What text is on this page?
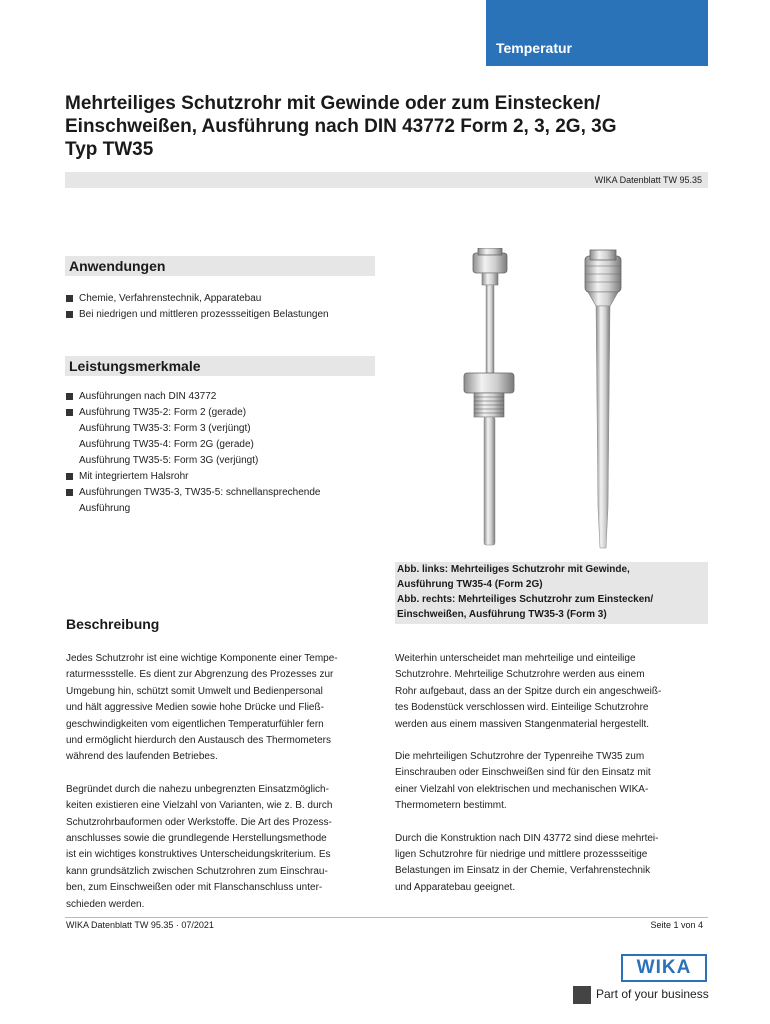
Temperatur
Mehrteiliges Schutzrohr mit Gewinde oder zum Einstecken/
Einschweißen, Ausführung nach DIN 43772 Form 2, 3, 2G, 3G
Typ TW35
WIKA Datenblatt TW 95.35
Anwendungen
Chemie, Verfahrenstechnik, Apparatebau
Bei niedrigen und mittleren prozessseitigen Belastungen
Leistungsmerkmale
Ausführungen nach DIN 43772
Ausführung TW35-2: Form 2 (gerade)
Ausführung TW35-3: Form 3 (verjüngt)
Ausführung TW35-4: Form 2G (gerade)
Ausführung TW35-5: Form 3G (verjüngt)
Mit integriertem Halsrohr
Ausführungen TW35-3, TW35-5: schnellansprechende
Ausführung
Abb. links: Mehrteiliges Schutzrohr mit Gewinde,
Ausführung TW35-4 (Form 2G)
Abb. rechts: Mehrteiliges Schutzrohr zum Einstecken/
Einschweißen, Ausführung TW35-3 (Form 3)
Beschreibung
Jedes Schutzrohr ist eine wichtige Komponente einer Tempe-
raturmessstelle. Es dient zur Abgrenzung des Prozesses zur
Umgebung hin, schützt somit Umwelt und Bedienpersonal
und hält aggressive Medien sowie hohe Drücke und Fließ-
geschwindigkeiten vom eigentlichen Temperaturfühler fern
und ermöglicht hierdurch den Austausch des Thermometers
während des laufenden Betriebes.
Begründet durch die nahezu unbegrenzten Einsatzmöglich-
keiten existieren eine Vielzahl von Varianten, wie z. B. durch
Schutzrohrbauformen oder Werkstoffe. Die Art des Prozess-
anschlusses sowie die grundlegende Herstellungsmethode
ist ein wichtiges konstruktives Unterscheidungskriterium. Es
kann grundsätzlich zwischen Schutzrohren zum Einschrau-
ben, zum Einschweißen oder mit Flanschanschluss unter-
schieden werden.
Weiterhin unterscheidet man mehrteilige und einteilige
Schutzrohre. Mehrteilige Schutzrohre werden aus einem
Rohr aufgebaut, dass an der Spitze durch ein angeschweiß-
tes Bodenstück verschlossen wird. Einteilige Schutzrohre
werden aus einem massiven Stangenmaterial hergestellt.
Die mehrteiligen Schutzrohre der Typenreihe TW35 zum
Einschrauben oder Einschweißen sind für den Einsatz mit
einer Vielzahl von elektrischen und mechanischen WIKA-
Thermometern bestimmt.
Durch die Konstruktion nach DIN 43772 sind diese mehrtei-
ligen Schutzrohre für niedrige und mittlere prozessseitige
Belastungen im Einsatz in der Chemie, Verfahrenstechnik
und Apparatebau geeignet.
WIKA Datenblatt TW 95.35 · 07/2021	Seite 1 von 4
WIKA
Part of your business
